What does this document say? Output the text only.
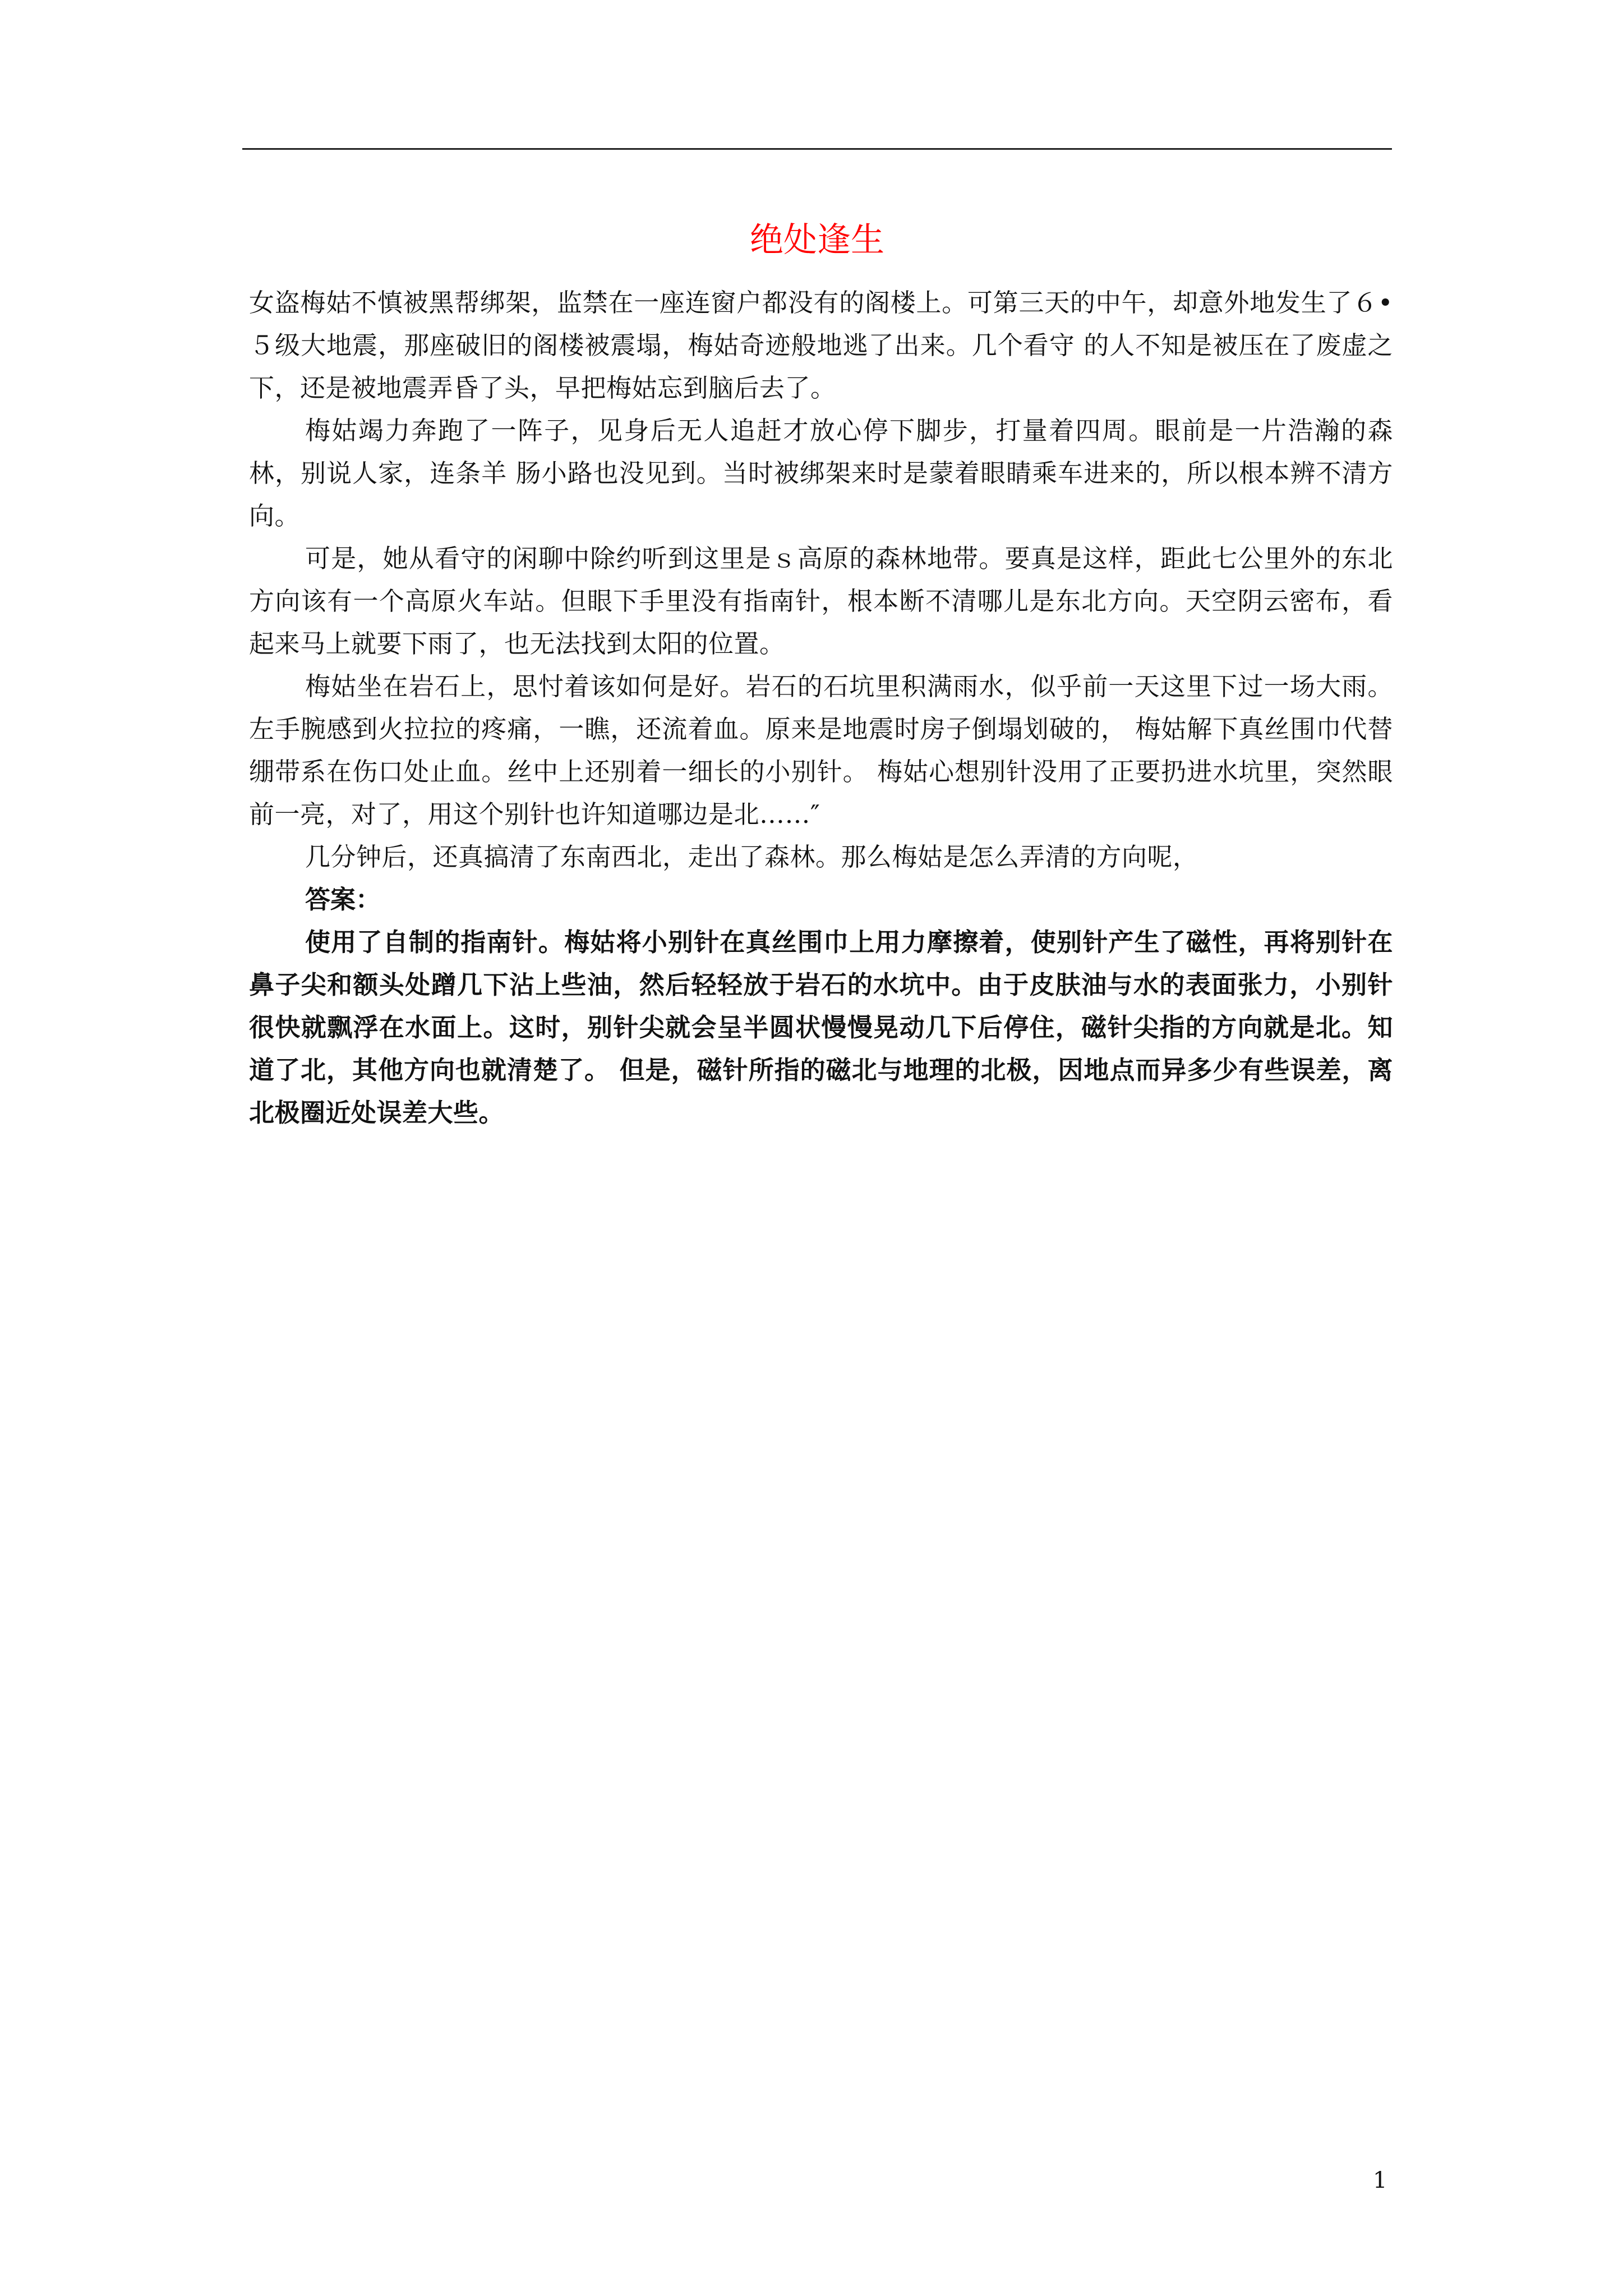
绝处逢生

女盗梅姑不慎被黑帮绑架，监禁在一座连窗户都没有的阁楼上。可第三天的中午，却意外地发生了６•５级大地震，那座破旧的阁楼被震塌，梅姑奇迹般地逃了出来。几个看守 的人不知是被压在了废虚之下，还是被地震弄昏了头，早把梅姑忘到脑后去了。

梅姑竭力奔跑了一阵子，见身后无人追赶才放心停下脚步，打量着四周。眼前是一片浩瀚的森林，别说人家，连条羊 肠小路也没见到。当时被绑架来时是蒙着眼睛乘车进来的，所以根本辨不清方向。

可是，她从看守的闲聊中除约听到这里是ｓ高原的森林地带。要真是这样，距此七公里外的东北方向该有一个高原火车站。但眼下手里没有指南针，根本断不清哪儿是东北方向。天空阴云密布，看起来马上就要下雨了，也无法找到太阳的位置。

梅姑坐在岩石上，思忖着该如何是好。岩石的石坑里积满雨水，似乎前一天这里下过一场大雨。左手腕感到火拉拉的疼痛，一瞧，还流着血。原来是地震时房子倒塌划破的， 梅姑解下真丝围巾代替绷带系在伤口处止血。丝中上还别着一细长的小别针。 梅姑心想别针没用了正要扔进水坑里，突然眼前一亮，对了，用这个别针也许知道哪边是北……″

几分钟后，还真搞清了东南西北，走出了森林。那么梅姑是怎么弄清的方向呢，

答案：

使用了自制的指南针。梅姑将小别针在真丝围巾上用力摩擦着，使别针产生了磁性，再将别针在鼻子尖和额头处蹭几下沾上些油，然后轻轻放于岩石的水坑中。由于皮肤油与水的表面张力，小别针很快就飘浮在水面上。这时，别针尖就会呈半圆状慢慢晃动几下后停住，磁针尖指的方向就是北。知道了北，其他方向也就清楚了。 但是，磁针所指的磁北与地理的北极，因地点而异多少有些误差，离北极圈近处误差大些。

1
